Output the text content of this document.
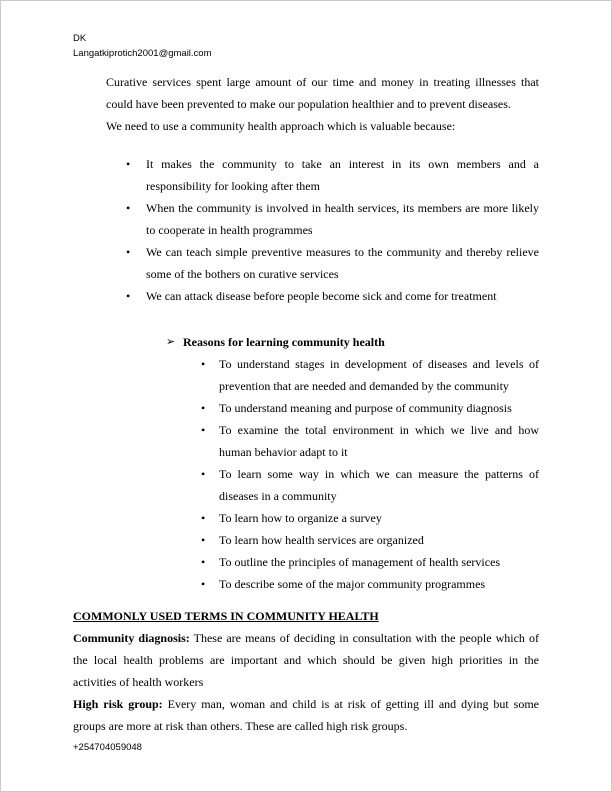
DK
Langatkiprotich2001@gmail.com

Curative services spent large amount of our time and money in treating illnesses that could have been prevented to make our population healthier and to prevent diseases.

We need to use a community health approach which is valuable because:

•	It makes the community to take an interest in its own members and a responsibility for looking after them
•	When the community is involved in health services, its members are more likely to cooperate in health programmes
•	We can teach simple preventive measures to the community and thereby relieve some of the bothers on curative services
•	We can attack disease before people become sick and come for treatment
➢ Reasons for learning community health
•	To understand stages in development of diseases and levels of prevention that are needed and demanded by the community
•	To understand meaning and purpose of community diagnosis
•	To examine the total environment in which we live and how human behavior adapt to it
•	To learn some way in which we can measure the patterns of diseases in a community
•	To learn how to organize a survey
•	To learn how health services are organized
•	To outline the principles of management of health services
•	To describe some of the major community programmes
COMMONLY USED TERMS IN COMMUNITY HEALTH

Community diagnosis: These are means of deciding in consultation with the people which of the local health problems are important and which should be given high priorities in the activities of health workers

High risk group: Every man, woman and child is at risk of getting ill and dying but some groups are more at risk than others. These are called high risk groups.

+254704059048
